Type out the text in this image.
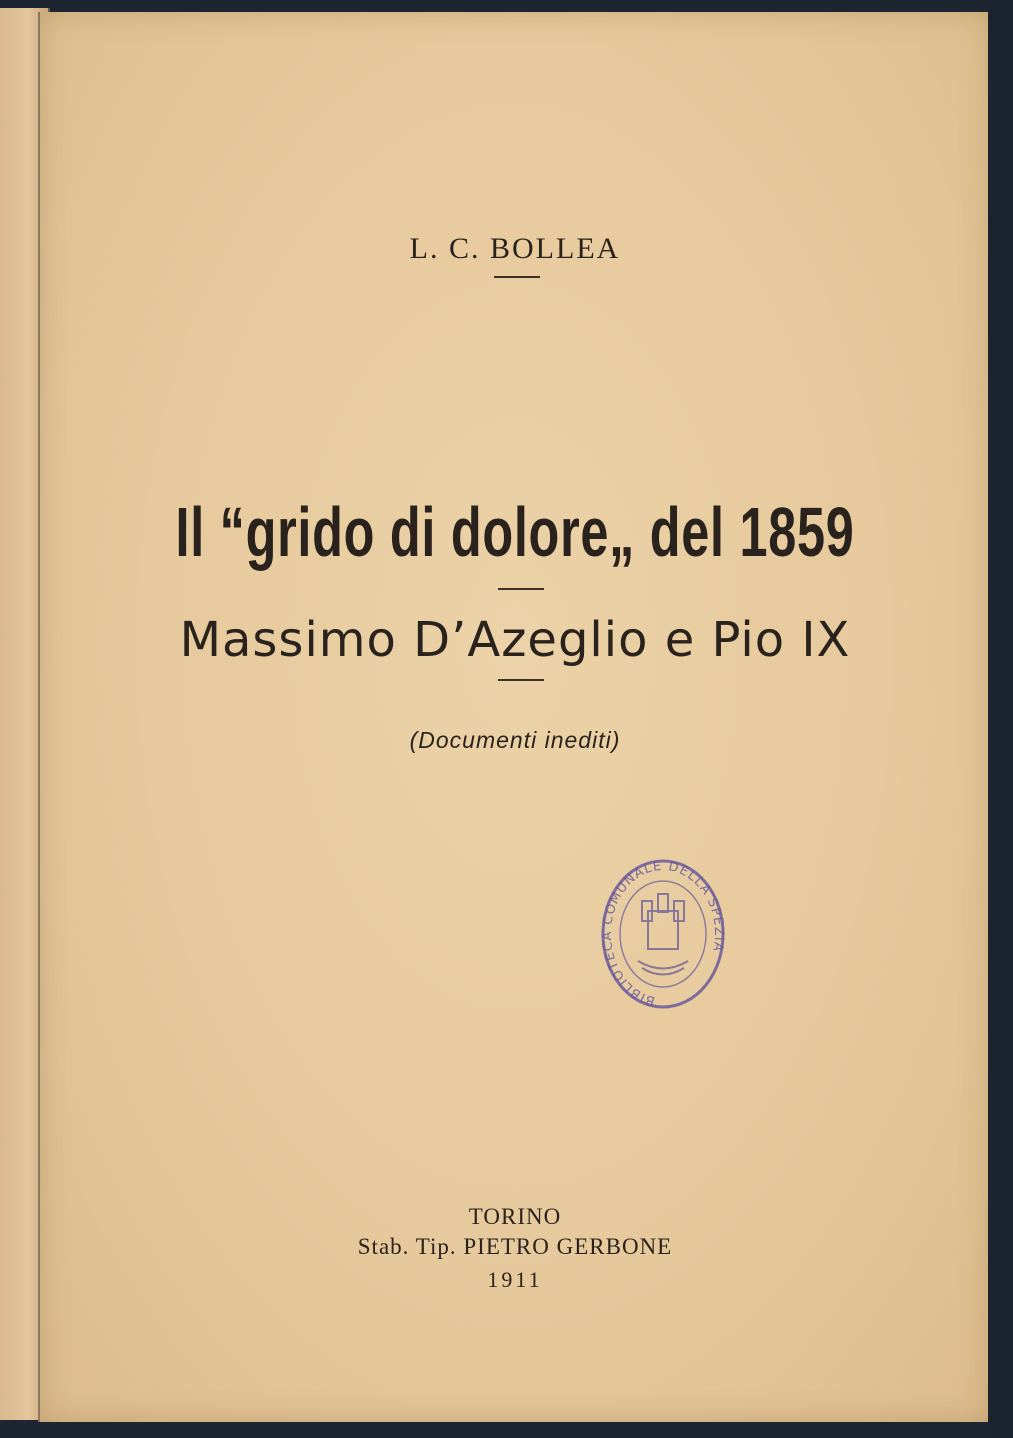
L. C. BOLLEA
Il “grido di dolore„ del 1859
Massimo D’Azeglio e Pio IX
(Documenti inediti)
TORINO
Stab. Tip. PIETRO GERBONE
1911
BIBLIOTECA COMUNALE DELLA SPEZIA
